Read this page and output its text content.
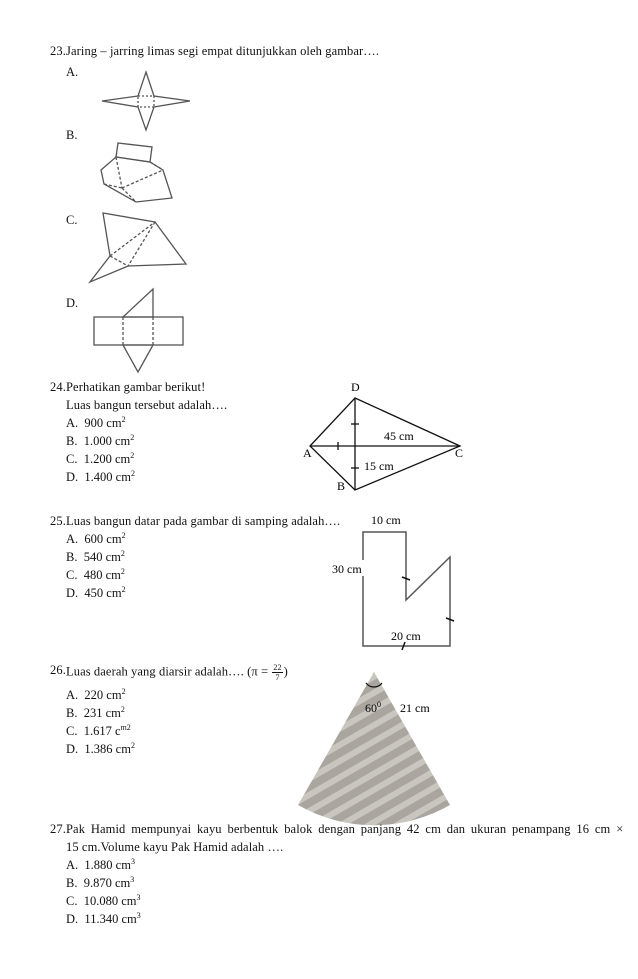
23. Jaring – jarring limas segi empat ditunjukkan oleh gambar….
A.
B.
C.
D.
24. Perhatikan gambar berikut!
Luas bangun tersebut adalah….
A. 900 $cm^2$
B. 1.000 $cm^2$
C. 1.200 $cm^2$
D. 1.400 $cm^2$
D
A	C
B
45 cm
15 cm
25. Luas bangun datar pada gambar di samping adalah….
A. 600 $cm^2$
B. 540 $cm^2$
C. 480 $cm^2$
D. 450 $cm^2$
10 cm
30 cm
20 cm
26. Luas daerah yang diarsir adalah…. ($\pi = \frac{22}{7}$ )
A. 220 $cm^2$
B. 231 $cm^2$
C. 1.617 $c^{m2}$
D. 1.386 $cm^2$
$60^0$ 21 cm
27. Pak Hamid mempunyai kayu berbentuk balok dengan panjang 42 cm dan ukuran penampang 16 cm ×
15 cm.Volume kayu Pak Hamid adalah ….
A. 1.880 $cm^3$
B. 9.870 $cm^3$
C. 10.080 $cm^3$
D. 11.340 $cm^3$
